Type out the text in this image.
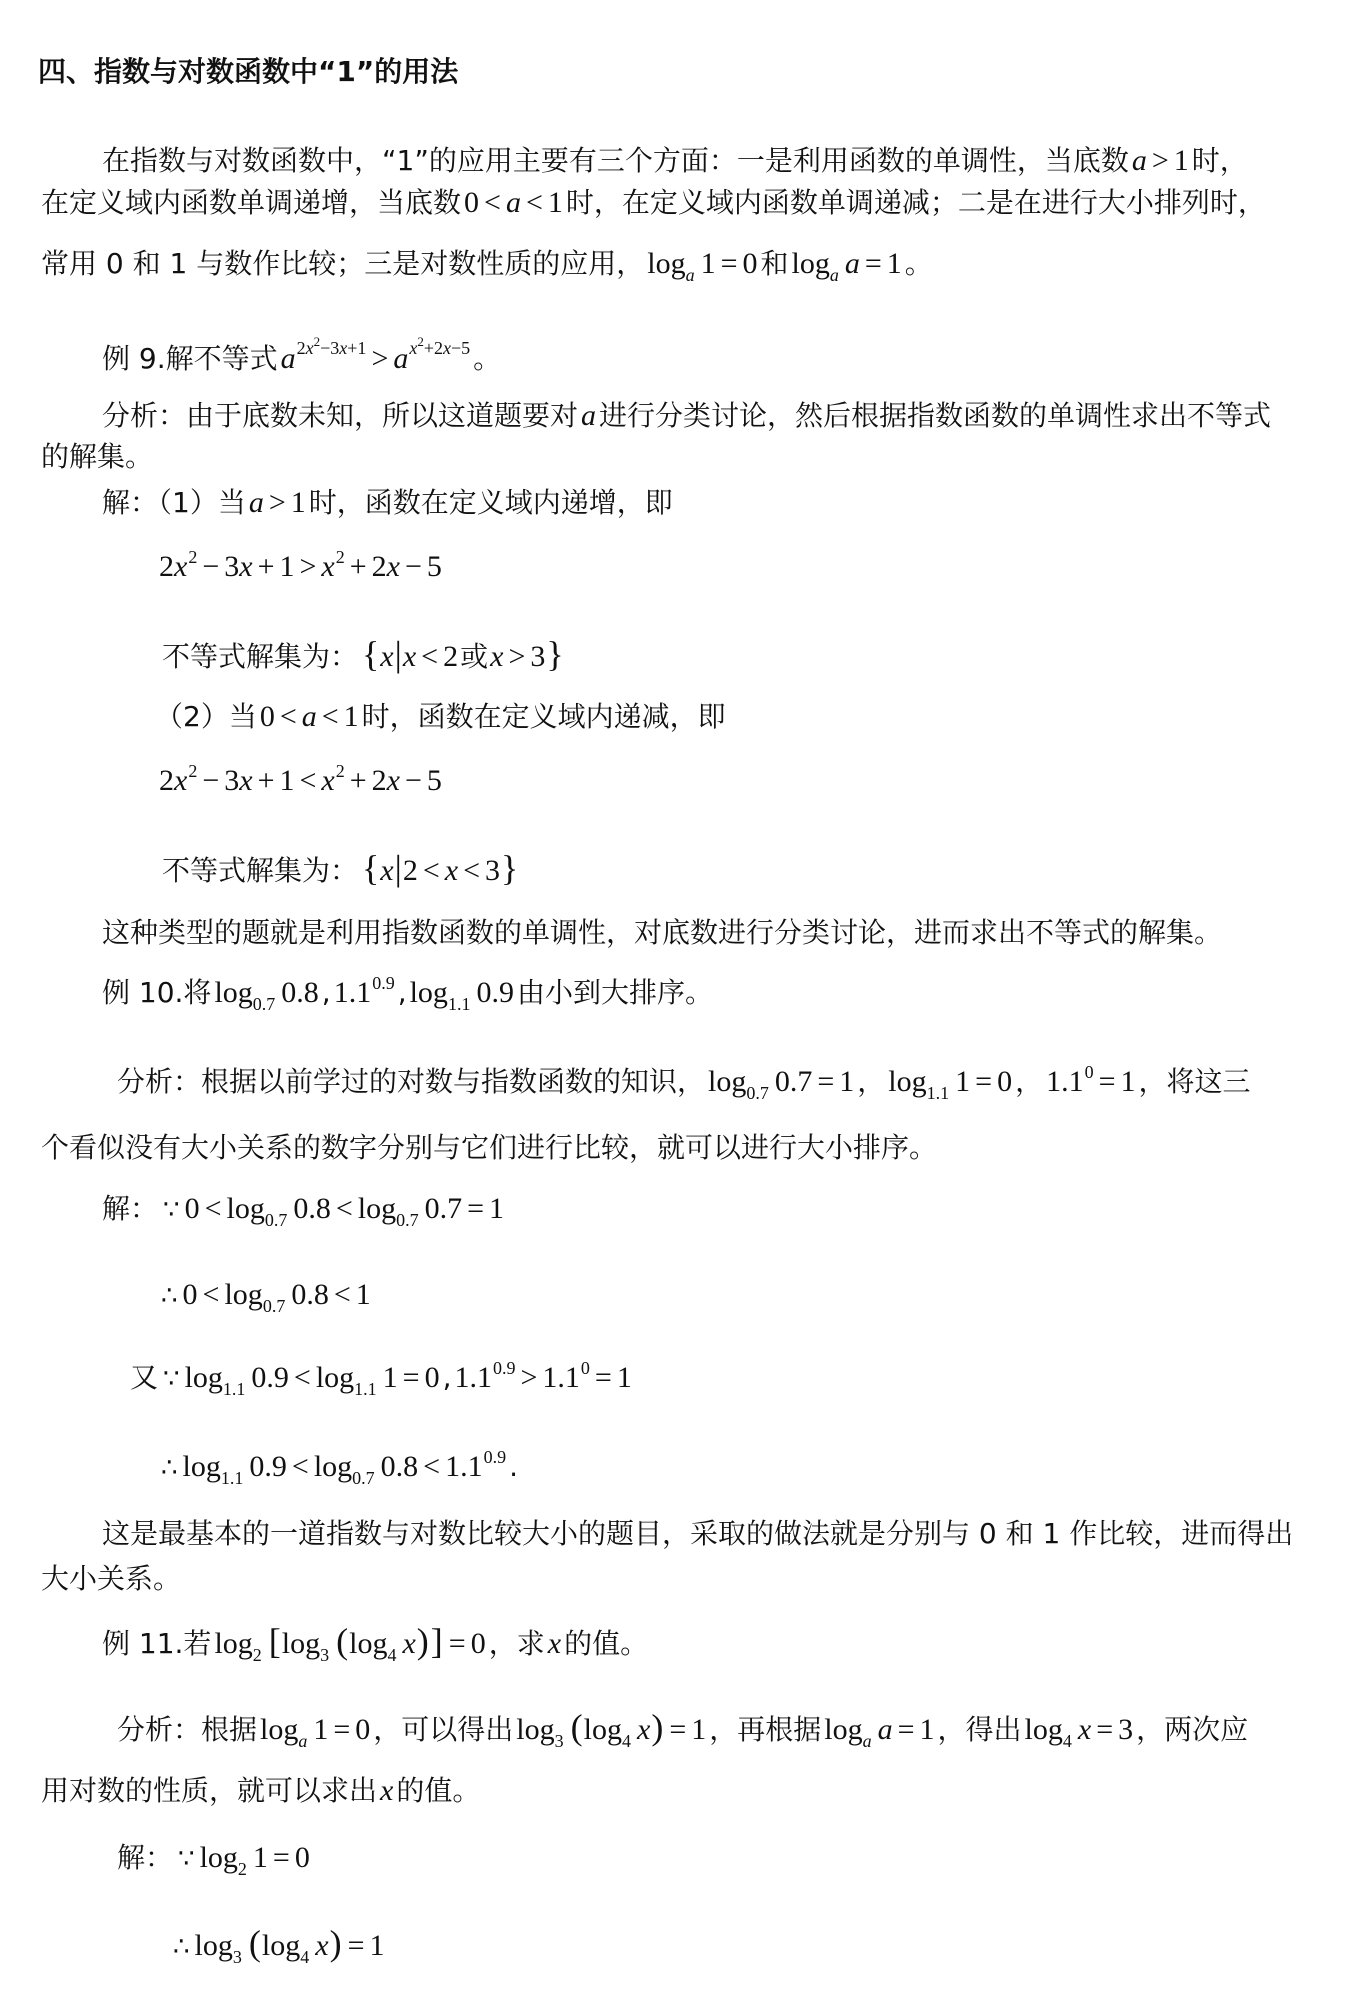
四、指数与对数函数中“1”的用法
在指数与对数函数中，“1”的应用主要有三个方面：一是利用函数的单调性，当底数 a > 1 时，
在定义域内函数单调递增，当底数 0 < a < 1 时，在定义域内函数单调递减；二是在进行大小排列时，
常用 0 和 1 与数作比较；三是对数性质的应用， log a 1 = 0 和 log a a = 1 。
例 9.解不等式 a 2 x 2 −3 x +1 > a x 2 +2 x −5 。
分析：由于底数未知，所以这道题要对 a 进行分类讨论，然后根据指数函数的单调性求出不等式
的解集。
解：（1）当 a > 1 时，函数在定义域内递增，即
2 x 2 − 3 x + 1 > x 2 + 2 x − 5
不等式解集为： { x | x < 2 或 x > 3 }
（2）当 0 < a < 1 时，函数在定义域内递减，即
2 x 2 − 3 x + 1 < x 2 + 2 x − 5
不等式解集为： { x | 2 < x < 3 }
这种类型的题就是利用指数函数的单调性，对底数进行分类讨论，进而求出不等式的解集。
例 10.将 log 0.7 0.8 , 1.1 0.9 , log 1.1 0.9 由小到大排序。
分析：根据以前学过的对数与指数函数的知识， log 0.7 0.7 = 1 ， log 1.1 1 = 0 ， 1.1 0 = 1 ，将这三
个看似没有大小关系的数字分别与它们进行比较，就可以进行大小排序。
解： ∵ 0 < log 0.7 0.8 < log 0.7 0.7 = 1
∴ 0 < log 0.7 0.8 < 1
又 ∵ log 1.1 0.9 < log 1.1 1 = 0 , 1.1 0.9 > 1.1 0 = 1
∴ log 1.1 0.9 < log 0.7 0.8 < 1.1 0.9 .
这是最基本的一道指数与对数比较大小的题目，采取的做法就是分别与 0 和 1 作比较，进而得出
大小关系。
例 11.若 log 2 [ log 3 ( log 4 x ) ] = 0 ，求 x 的值。
分析：根据 log a 1 = 0 ，可以得出 log 3 ( log 4 x ) = 1 ，再根据 log a a = 1 ，得出 log 4 x = 3 ，两次应
用对数的性质，就可以求出 x 的值。
解： ∵ log 2 1 = 0
∴ log 3 ( log 4 x ) = 1
